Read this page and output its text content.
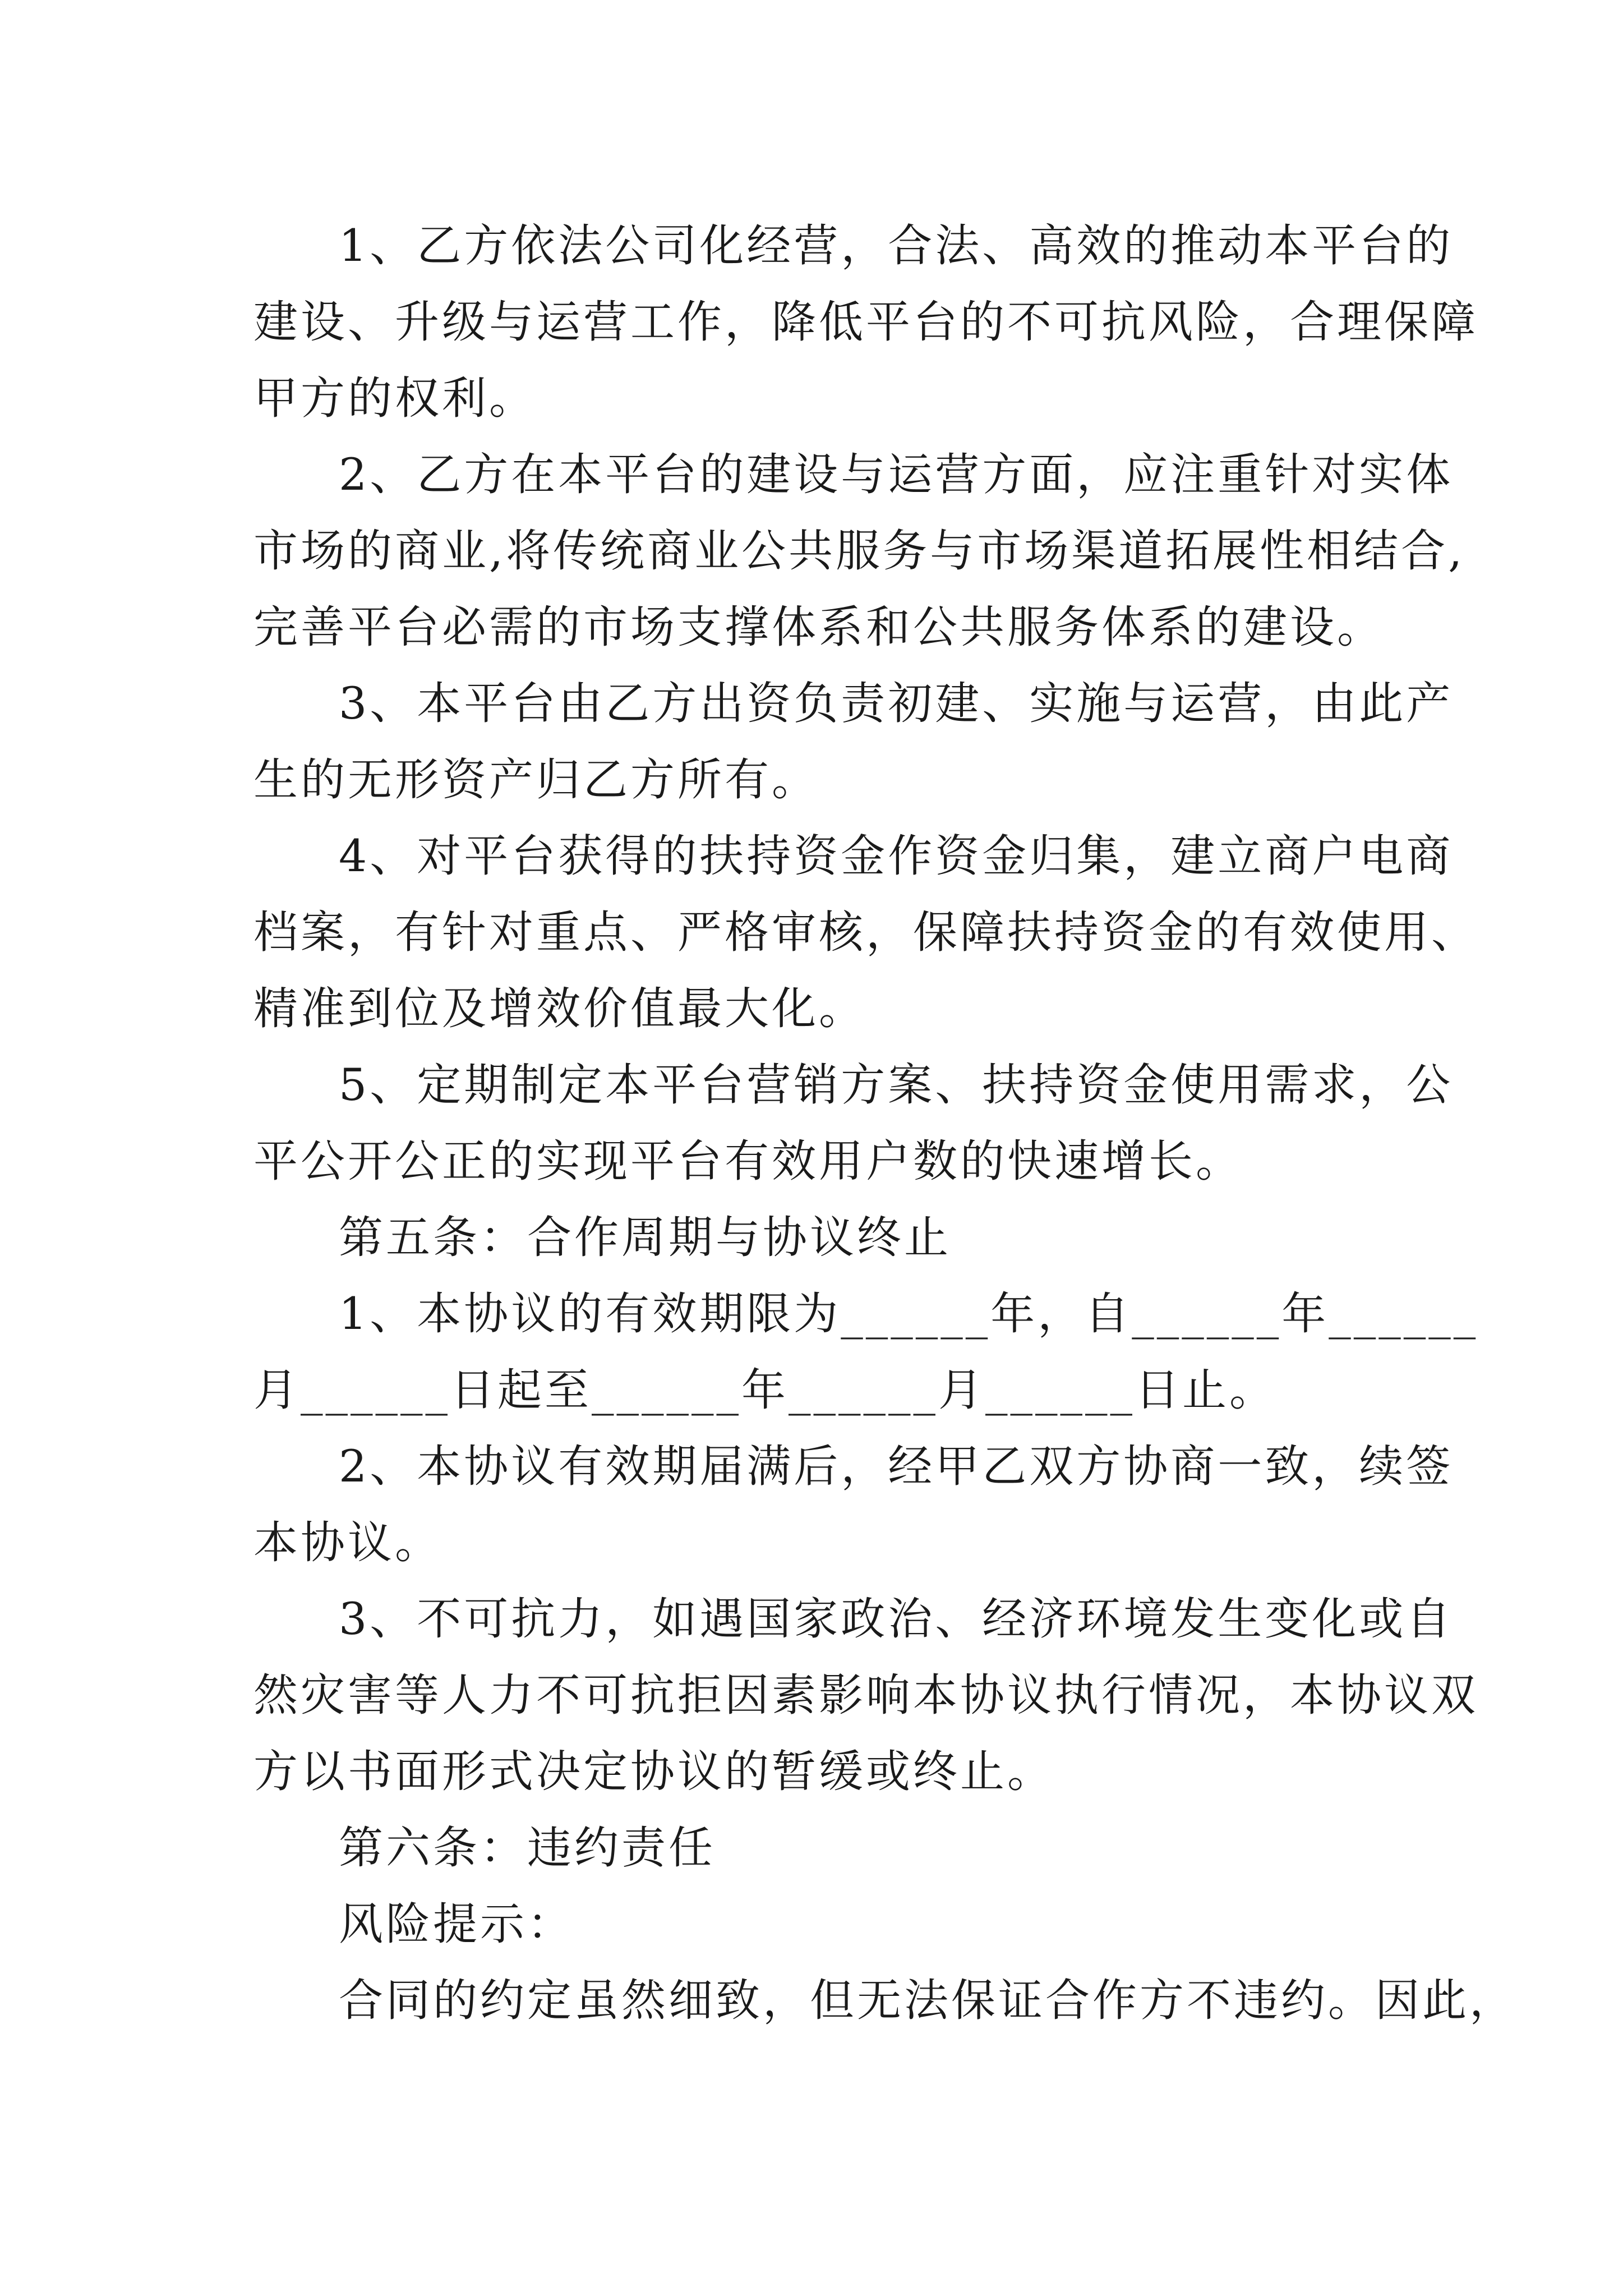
1、乙方依法公司化经营，合法、高效的推动本平台的
建设、升级与运营工作，降低平台的不可抗风险，合理保障
甲方的权利。
2、乙方在本平台的建设与运营方面，应注重针对实体
市场的商业,将传统商业公共服务与市场渠道拓展性相结合,
完善平台必需的市场支撑体系和公共服务体系的建设。
3、本平台由乙方出资负责初建、实施与运营，由此产
生的无形资产归乙方所有。
4、对平台获得的扶持资金作资金归集，建立商户电商
档案，有针对重点、严格审核，保障扶持资金的有效使用、
精准到位及增效价值最大化。
5、定期制定本平台营销方案、扶持资金使用需求，公
平公开公正的实现平台有效用户数的快速增长。
第五条：合作周期与协议终止
1、本协议的有效期限为______年，自______年______
月______日起至______年______月______日止。
2、本协议有效期届满后，经甲乙双方协商一致，续签
本协议。
3、不可抗力，如遇国家政治、经济环境发生变化或自
然灾害等人力不可抗拒因素影响本协议执行情况，本协议双
方以书面形式决定协议的暂缓或终止。
第六条：违约责任
风险提示：
合同的约定虽然细致，但无法保证合作方不违约。因此，
